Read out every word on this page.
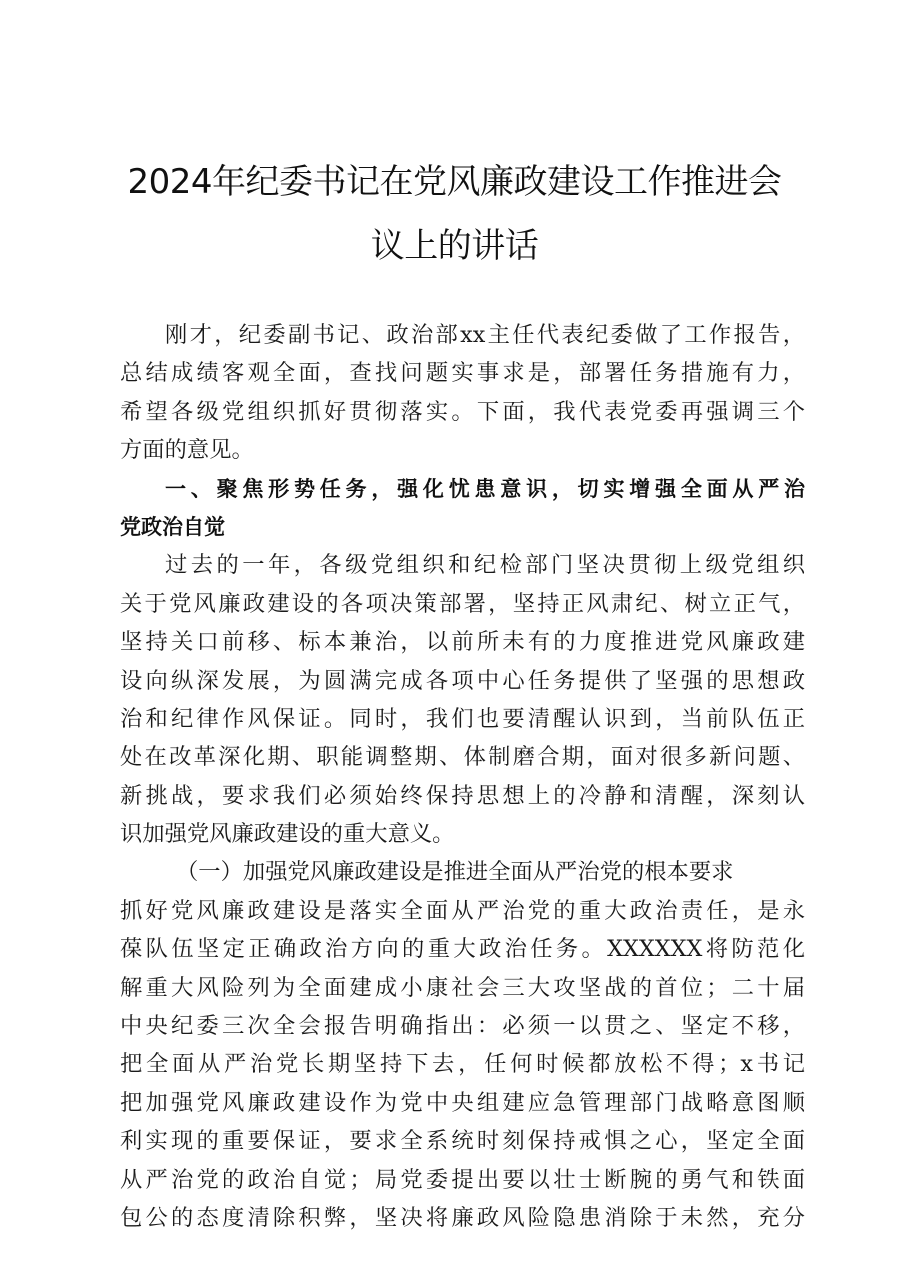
2024年纪委书记在党风廉政建设工作推进会
议上的讲话
刚才，纪委副书记、政治部xx主任代表纪委做了工作报告，
总结成绩客观全面，查找问题实事求是，部署任务措施有力，
希望各级党组织抓好贯彻落实。下面，我代表党委再强调三个
方面的意见。
一、聚焦形势任务，强化忧患意识，切实增强全面从严治
党政治自觉
过去的一年，各级党组织和纪检部门坚决贯彻上级党组织
关于党风廉政建设的各项决策部署，坚持正风肃纪、树立正气，
坚持关口前移、标本兼治，以前所未有的力度推进党风廉政建
设向纵深发展，为圆满完成各项中心任务提供了坚强的思想政
治和纪律作风保证。同时，我们也要清醒认识到，当前队伍正
处在改革深化期、职能调整期、体制磨合期，面对很多新问题、
新挑战，要求我们必须始终保持思想上的冷静和清醒，深刻认
识加强党风廉政建设的重大意义。
（一）加强党风廉政建设是推进全面从严治党的根本要求
抓好党风廉政建设是落实全面从严治党的重大政治责任，是永
葆队伍坚定正确政治方向的重大政治任务。XXXXXX将防范化
解重大风险列为全面建成小康社会三大攻坚战的首位；二十届
中央纪委三次全会报告明确指出：必须一以贯之、坚定不移，
把全面从严治党长期坚持下去，任何时候都放松不得；x书记
把加强党风廉政建设作为党中央组建应急管理部门战略意图顺
利实现的重要保证，要求全系统时刻保持戒惧之心，坚定全面
从严治党的政治自觉；局党委提出要以壮士断腕的勇气和铁面
包公的态度清除积弊，坚决将廉政风险隐患消除于未然，充分
